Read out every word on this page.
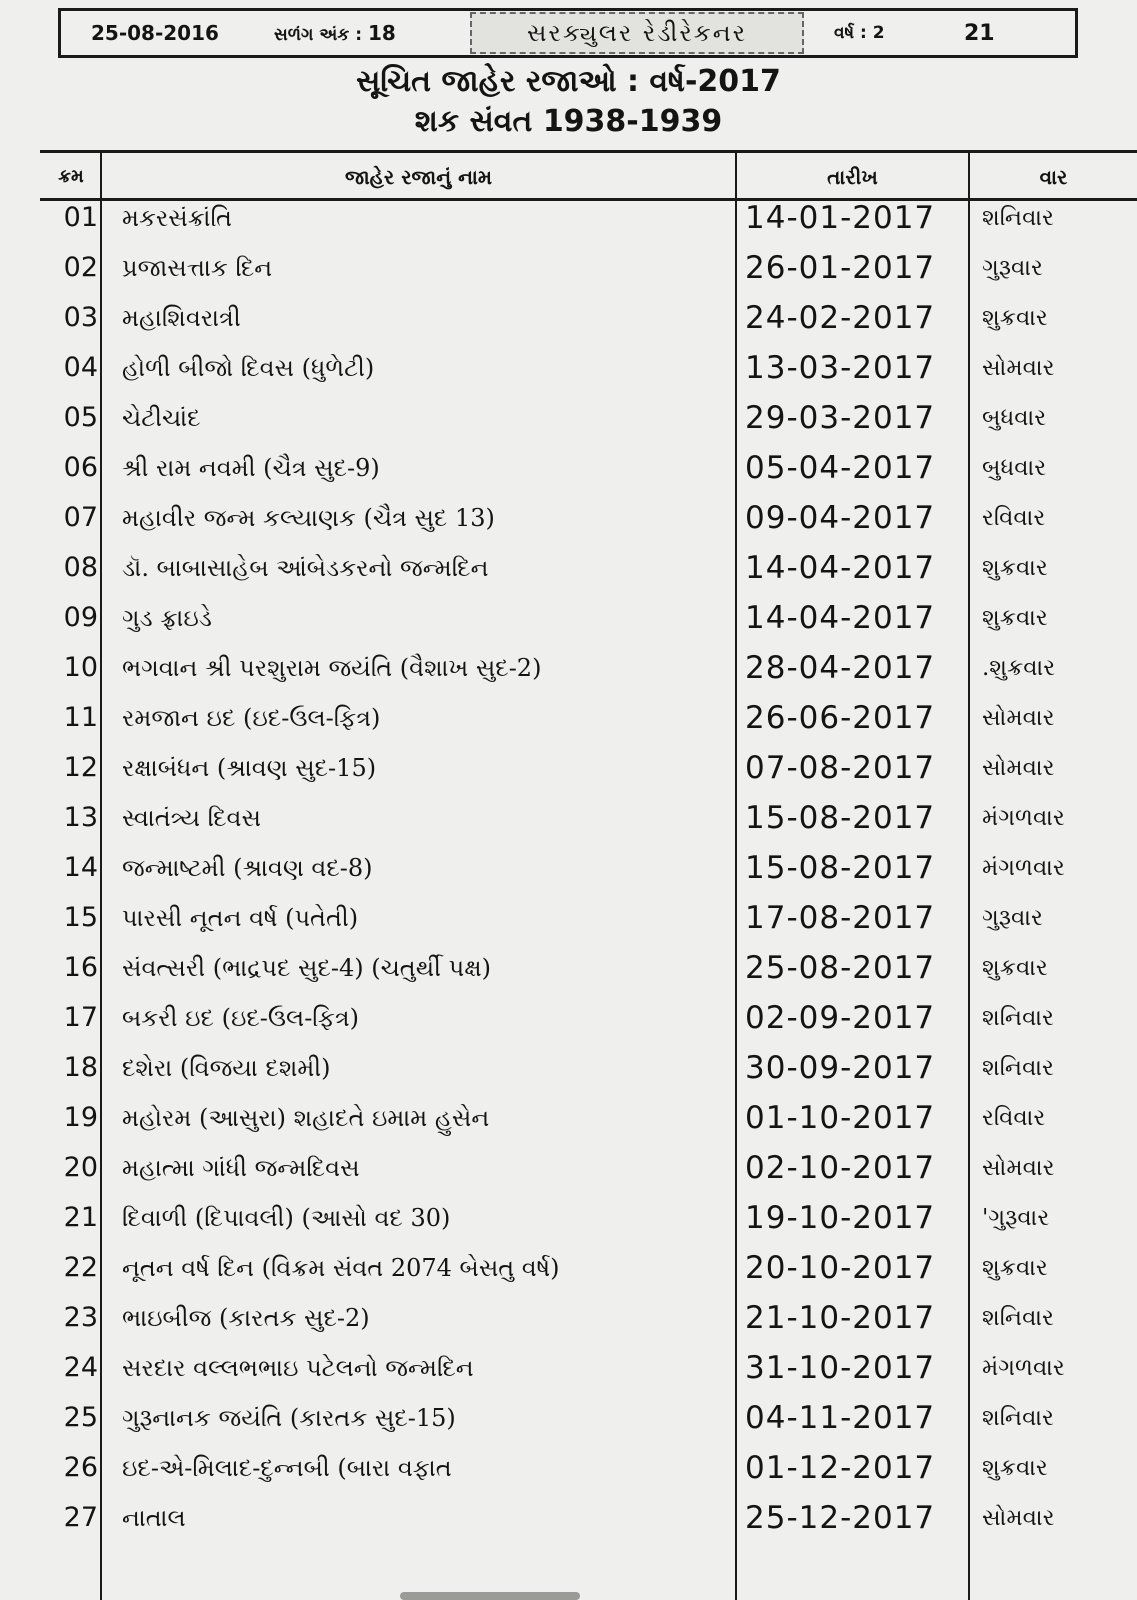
25-08-2016	સળંગ અંક : 18	સરક્યુલર રેડીરેકનર	વર્ષ : 2	21
સૂચિત જાહેર રજાઓ : વર્ષ-2017
શક સંવત 1938-1939
ક્રમ	જાહેર રજાનું નામ	તારીખ	વાર
01 મકરસંક્રાંતિ	14-01-2017	શનિવાર
02 પ્રજાસત્તાક દિન	26-01-2017	ગુરૂવાર
03 મહાશિવરાત્રી	24-02-2017	શુક્રવાર
04 હોળી બીજો દિવસ (ધુળેટી)	13-03-2017	સોમવાર
05 ચેટીચાંદ	29-03-2017	બુધવાર
06 શ્રી રામ નવમી (ચૈત્ર સુદ-9)	05-04-2017	બુધવાર
07 મહાવીર જન્મ કલ્યાણક (ચૈત્ર સુદ 13)	09-04-2017	રવિવાર
08 ડૉ. બાબાસાહેબ આંબેડકરનો જન્મદિન	14-04-2017	શુક્રવાર
09 ગુડ ફ્રાઇડે	14-04-2017	શુક્રવાર
10 ભગવાન શ્રી પરશુરામ જયંતિ (વૈશાખ સુદ-2)	28-04-2017	.શુક્રવાર
11 રમજાન ઇદ (ઇદ-ઉલ-ફિત્ર)	26-06-2017	સોમવાર
12 રક્ષાબંધન (શ્રાવણ સુદ-15)	07-08-2017	સોમવાર
13 સ્વાતંત્ર્ય દિવસ	15-08-2017	મંગળવાર
14 જન્માષ્ટમી (શ્રાવણ વદ-8)	15-08-2017	મંગળવાર
15 પારસી નૂતન વર્ષ (પતેતી)	17-08-2017	ગુરૂવાર
16 સંવત્સરી (ભાદ્રપદ સુદ-4) (ચતુર્થી પક્ષ)	25-08-2017	શુક્રવાર
17 બકરી ઇદ (ઇદ-ઉલ-ફિત્ર)	02-09-2017	શનિવાર
18 દશેરા (વિજયા દશમી)	30-09-2017	શનિવાર
19 મહોરમ (આસુરા) શહાદતે ઇમામ હુસેન	01-10-2017	રવિવાર
20 મહાત્મા ગાંધી જન્મદિવસ	02-10-2017	સોમવાર
21 દિવાળી (દિપાવલી) (આસો વદ 30)	19-10-2017	'ગુરૂવાર
22 નૂતન વર્ષ દિન (વિક્રમ સંવત 2074 બેસતુ વર્ષ)	20-10-2017	શુક્રવાર
23 ભાઇબીજ (કારતક સુદ-2)	21-10-2017	શનિવાર
24 સરદાર વલ્લભભાઇ પટેલનો જન્મદિન	31-10-2017	મંગળવાર
25 ગુરૂનાનક જયંતિ (કારતક સુદ-15)	04-11-2017	શનિવાર
26 ઇદ-એ-મિલાદ-દુન્નબી (બારા વફાત	01-12-2017	શુક્રવાર
27 નાતાલ	25-12-2017	સોમવાર
